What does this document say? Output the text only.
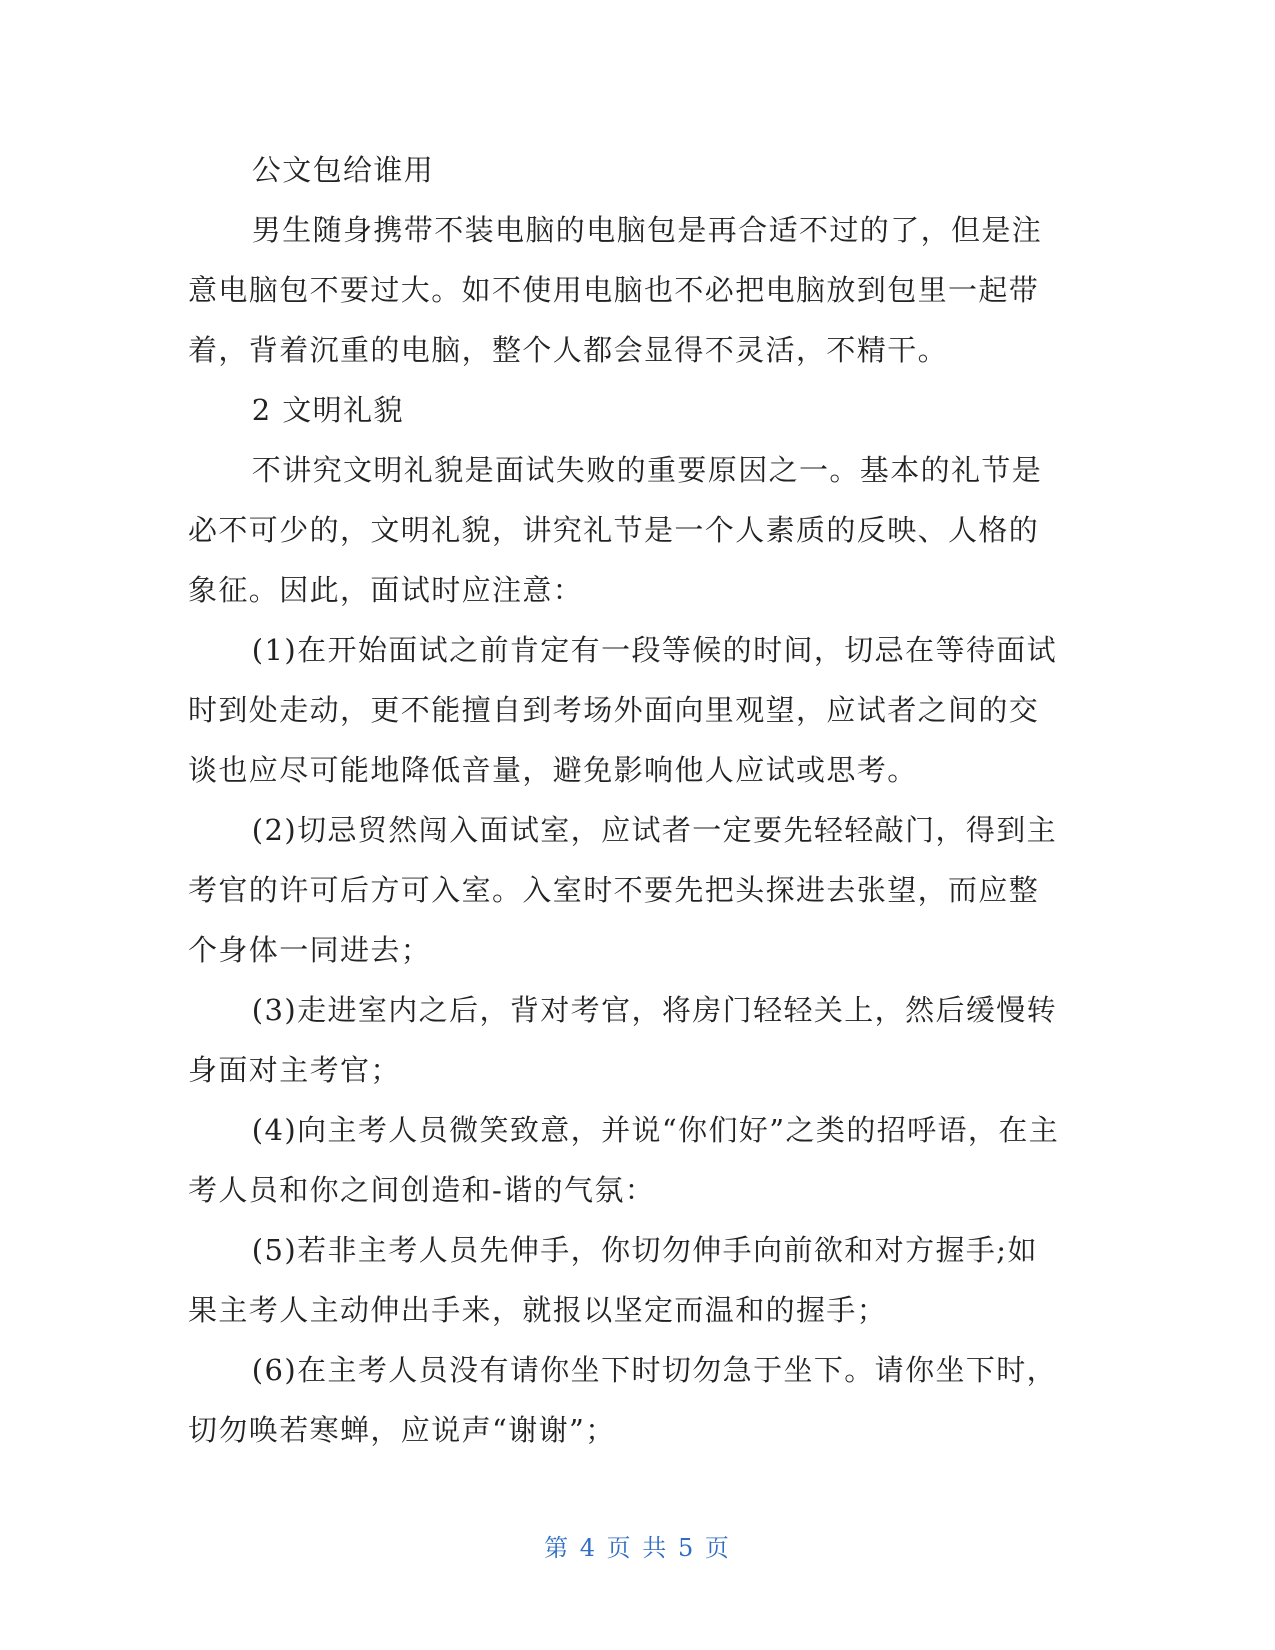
公文包给谁用

男生随身携带不装电脑的电脑包是再合适不过的了，但是注意电脑包不要过大。如不使用电脑也不必把电脑放到包里一起带着，背着沉重的电脑，整个人都会显得不灵活，不精干。

2 文明礼貌

不讲究文明礼貌是面试失败的重要原因之一。基本的礼节是必不可少的，文明礼貌，讲究礼节是一个人素质的反映、人格的象征。因此，面试时应注意：

(1)在开始面试之前肯定有一段等候的时间，切忌在等待面试时到处走动，更不能擅自到考场外面向里观望，应试者之间的交谈也应尽可能地降低音量，避免影响他人应试或思考。

(2)切忌贸然闯入面试室，应试者一定要先轻轻敲门，得到主考官的许可后方可入室。入室时不要先把头探进去张望，而应整个身体一同进去；

(3)走进室内之后，背对考官，将房门轻轻关上，然后缓慢转身面对主考官；

(4)向主考人员微笑致意，并说“你们好”之类的招呼语，在主考人员和你之间创造和-谐的气氛：

(5)若非主考人员先伸手，你切勿伸手向前欲和对方握手;如果主考人主动伸出手来，就报以坚定而温和的握手；

(6)在主考人员没有请你坐下时切勿急于坐下。请你坐下时，切勿唤若寒蝉，应说声“谢谢”；

第 4 页 共 5 页
